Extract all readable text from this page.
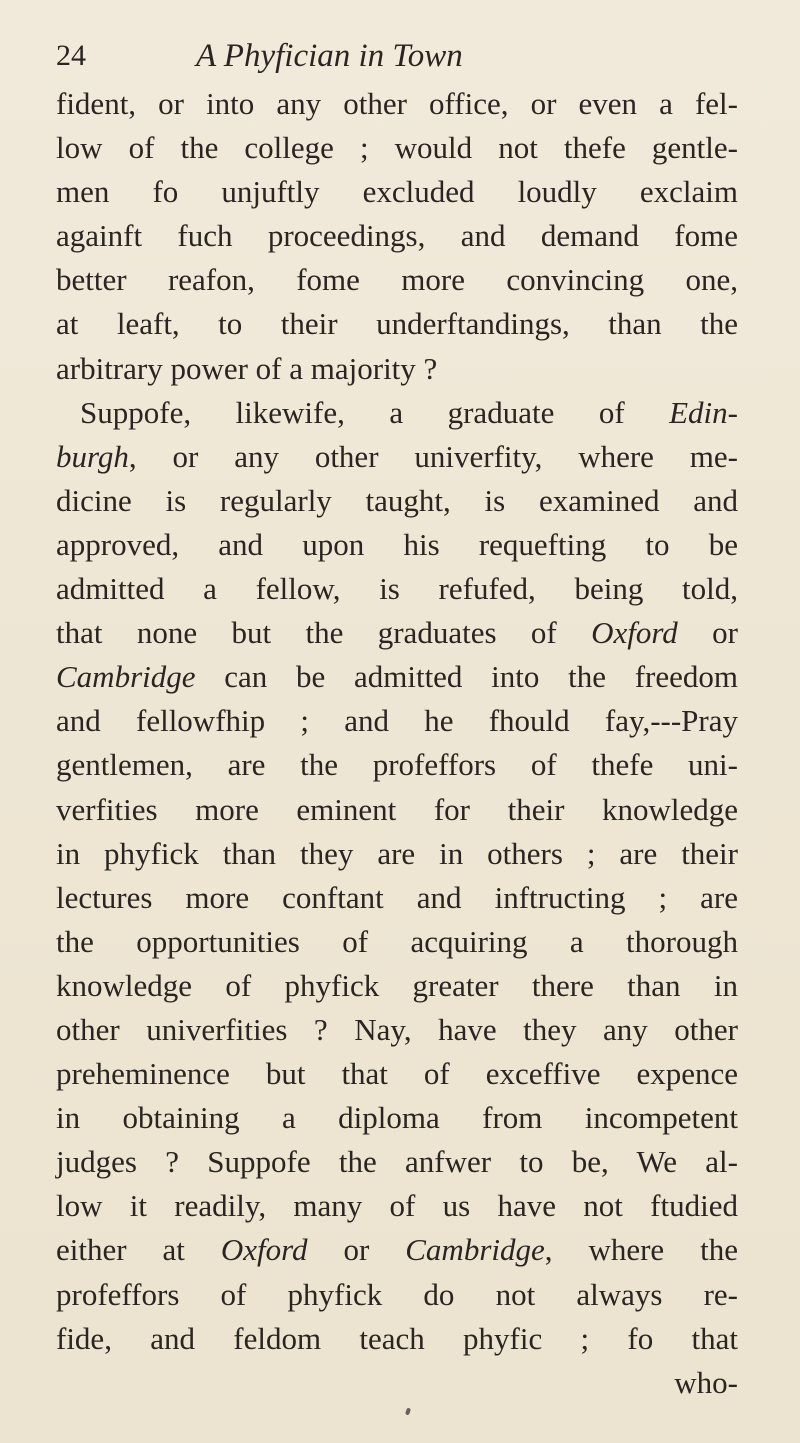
24	A Phyfician in Town
fident, or into any other office, or even a fel-
low of the college ; would not thefe gentle-
men fo unjuftly excluded loudly exclaim
againft fuch proceedings, and demand fome
better reafon, fome more convincing one,
at leaft, to their underftandings, than the
arbitrary power of a majority ?
Suppofe, likewife, a graduate of Edin-
burgh, or any other univerfity, where me-
dicine is regularly taught, is examined and
approved, and upon his requefting to be
admitted a fellow, is refufed, being told,
that none but the graduates of Oxford or
Cambridge can be admitted into the freedom
and fellowfhip ; and he fhould fay,---Pray
gentlemen, are the profeffors of thefe uni-
verfities more eminent for their knowledge
in phyfick than they are in others ; are their
lectures more conftant and inftructing ; are
the opportunities of acquiring a thorough
knowledge of phyfick greater there than in
other univerfities ? Nay, have they any other
preheminence but that of exceffive expence
in obtaining a diploma from incompetent
judges ? Suppofe the anfwer to be, We al-
low it readily, many of us have not ftudied
either at Oxford or Cambridge, where the
profeffors of phyfick do not always re-
fide, and feldom teach phyfic ; fo that
who-
